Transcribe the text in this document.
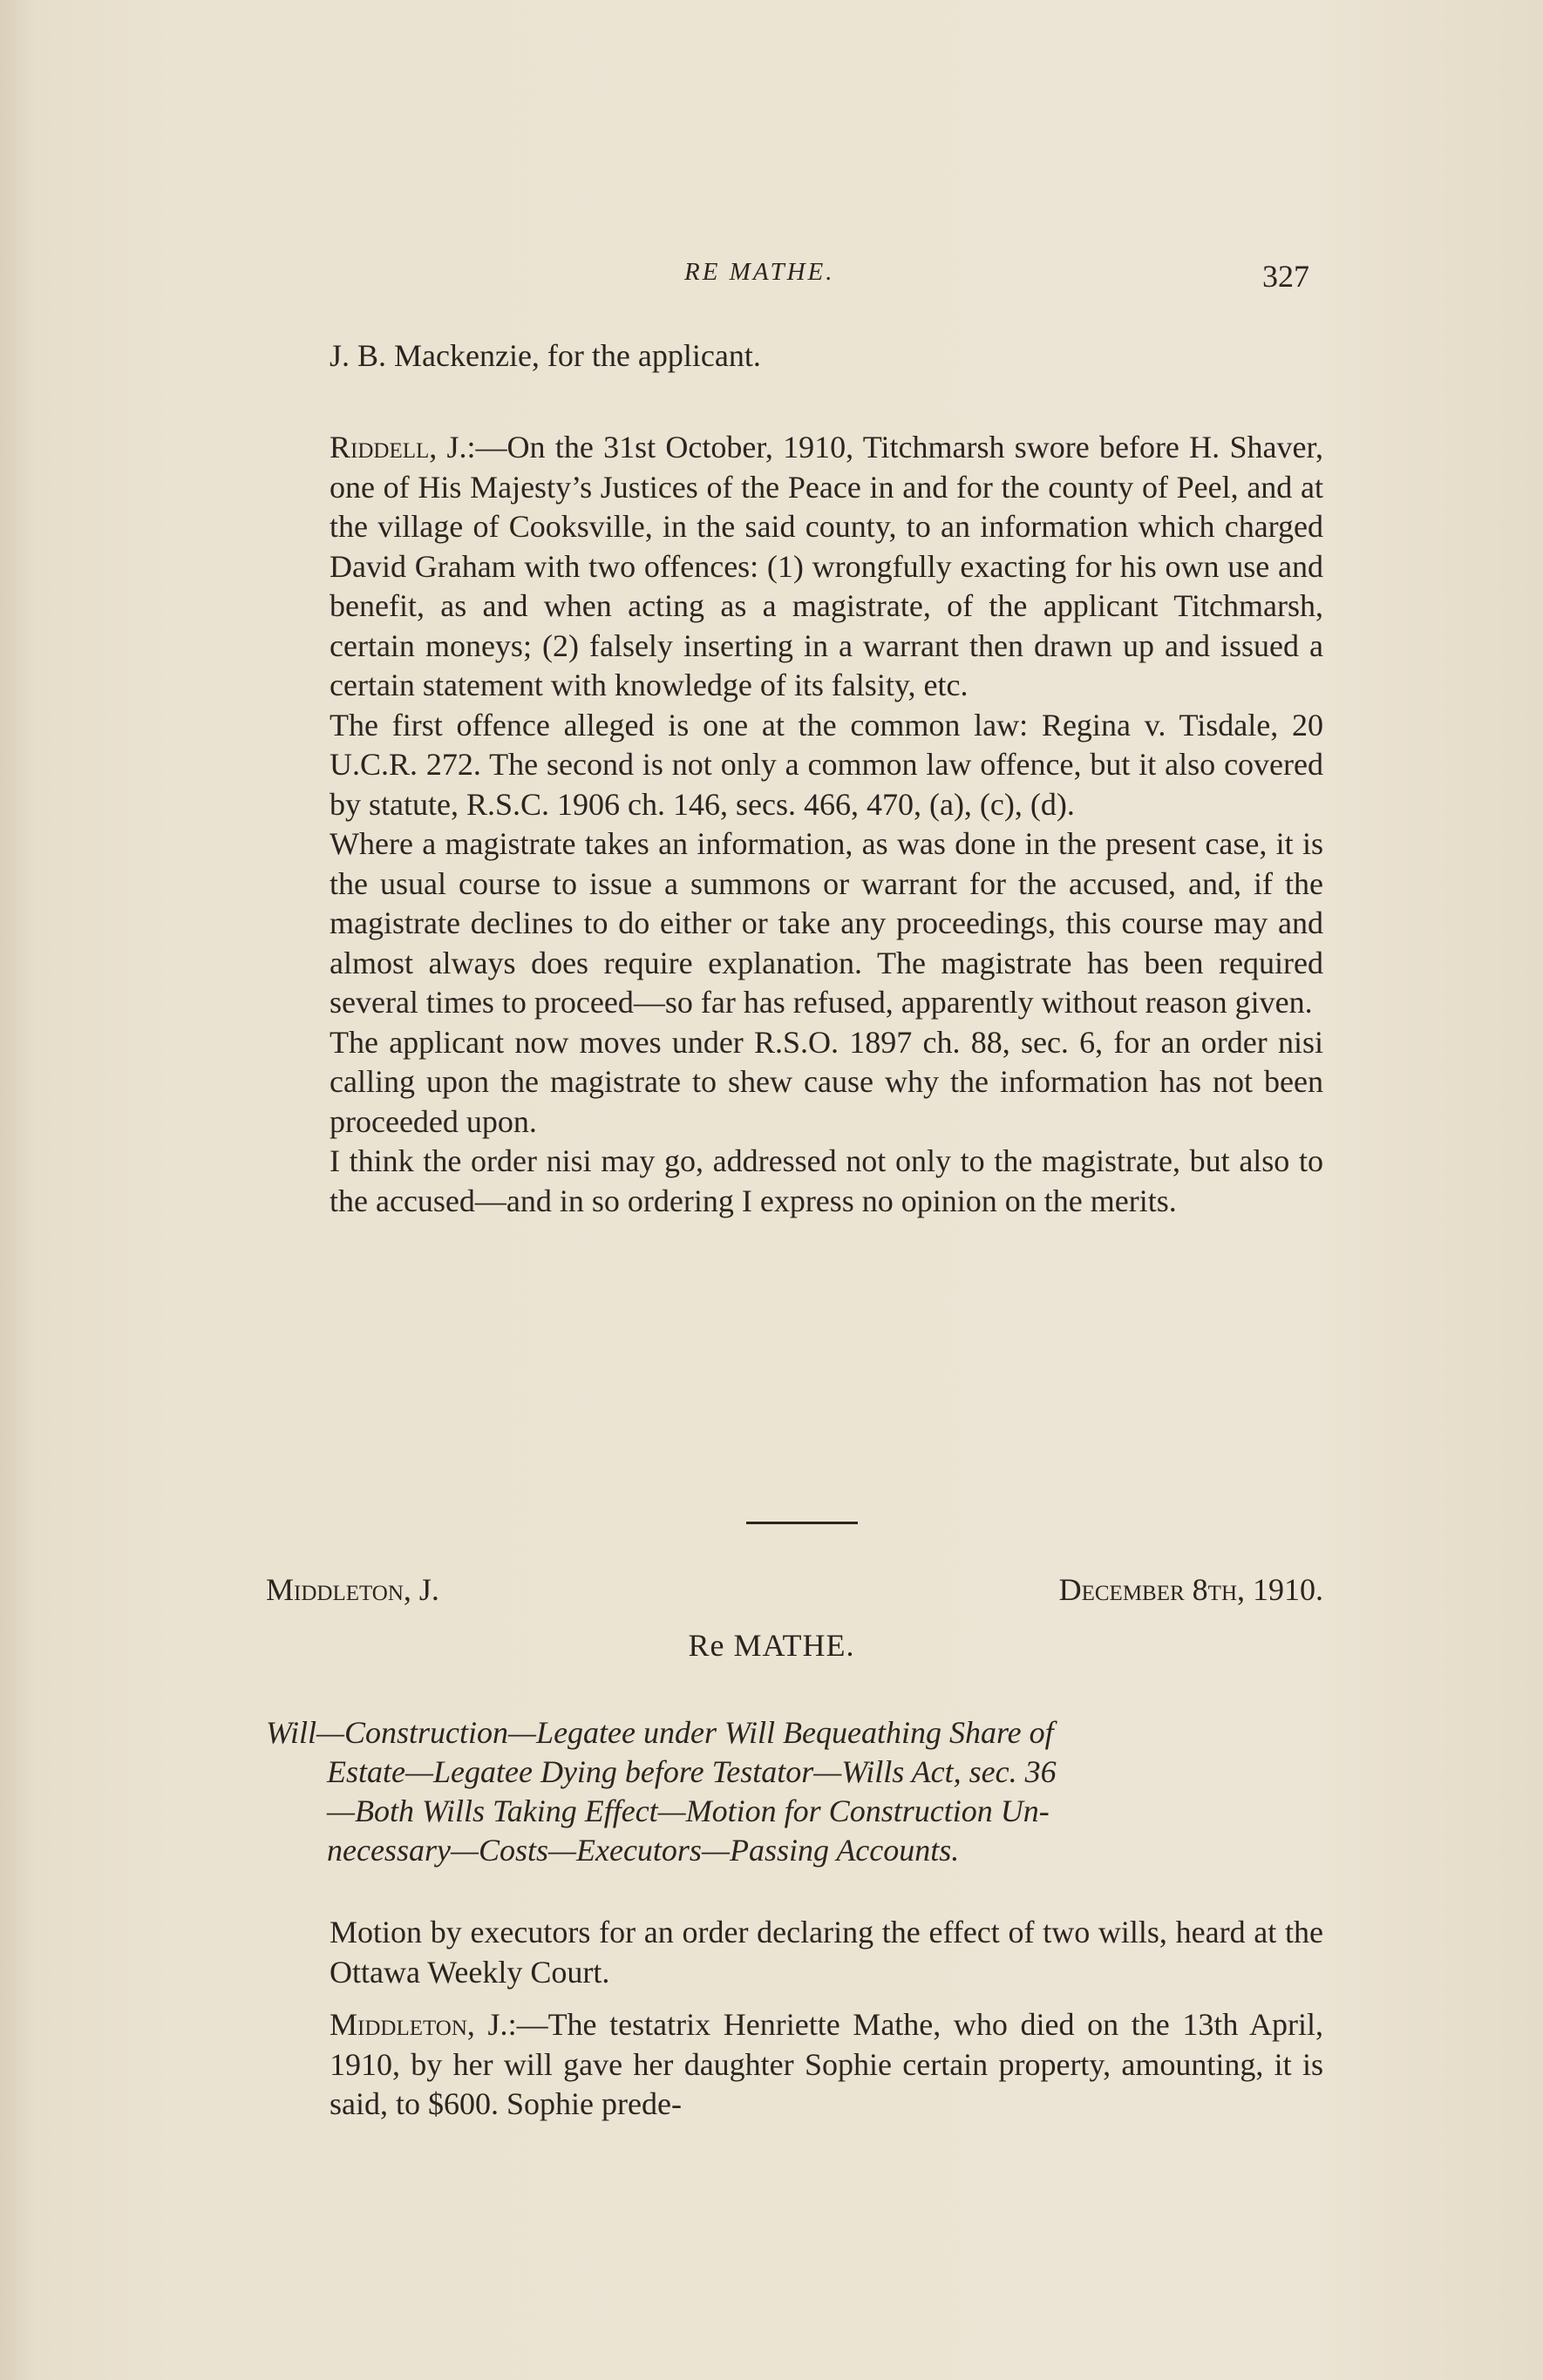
RE MATHE.	327

J. B. Mackenzie, for the applicant.

Riddell, J.:—On the 31st October, 1910, Titchmarsh swore before H. Shaver, one of His Majesty’s Justices of the Peace in and for the county of Peel, and at the village of Cooksville, in the said county, to an information which charged David Graham with two offences: (1) wrongfully exacting for his own use and benefit, as and when acting as a magistrate, of the applicant Titchmarsh, certain moneys; (2) falsely inserting in a warrant then drawn up and issued a certain statement with knowledge of its falsity, etc.

The first offence alleged is one at the common law: Regina v. Tisdale, 20 U.C.R. 272. The second is not only a common law offence, but it also covered by statute, R.S.C. 1906 ch. 146, secs. 466, 470, (a), (c), (d).

Where a magistrate takes an information, as was done in the present case, it is the usual course to issue a summons or warrant for the accused, and, if the magistrate declines to do either or take any proceedings, this course may and almost always does require explanation. The magistrate has been required several times to proceed—so far has refused, apparently without reason given.

The applicant now moves under R.S.O. 1897 ch. 88, sec. 6, for an order nisi calling upon the magistrate to shew cause why the information has not been proceeded upon.

I think the order nisi may go, addressed not only to the magistrate, but also to the accused—and in so ordering I express no opinion on the merits.

Middleton, J.	December 8th, 1910.
Re MATHE.
Will—Construction—Legatee under Will Bequeathing Share of
Estate—Legatee Dying before Testator—Wills Act, sec. 36
—Both Wills Taking Effect—Motion for Construction Un-
necessary—Costs—Executors—Passing Accounts.

Motion by executors for an order declaring the effect of two wills, heard at the Ottawa Weekly Court.

Middleton, J.:—The testatrix Henriette Mathe, who died on the 13th April, 1910, by her will gave her daughter Sophie certain property, amounting, it is said, to $600. Sophie prede-
